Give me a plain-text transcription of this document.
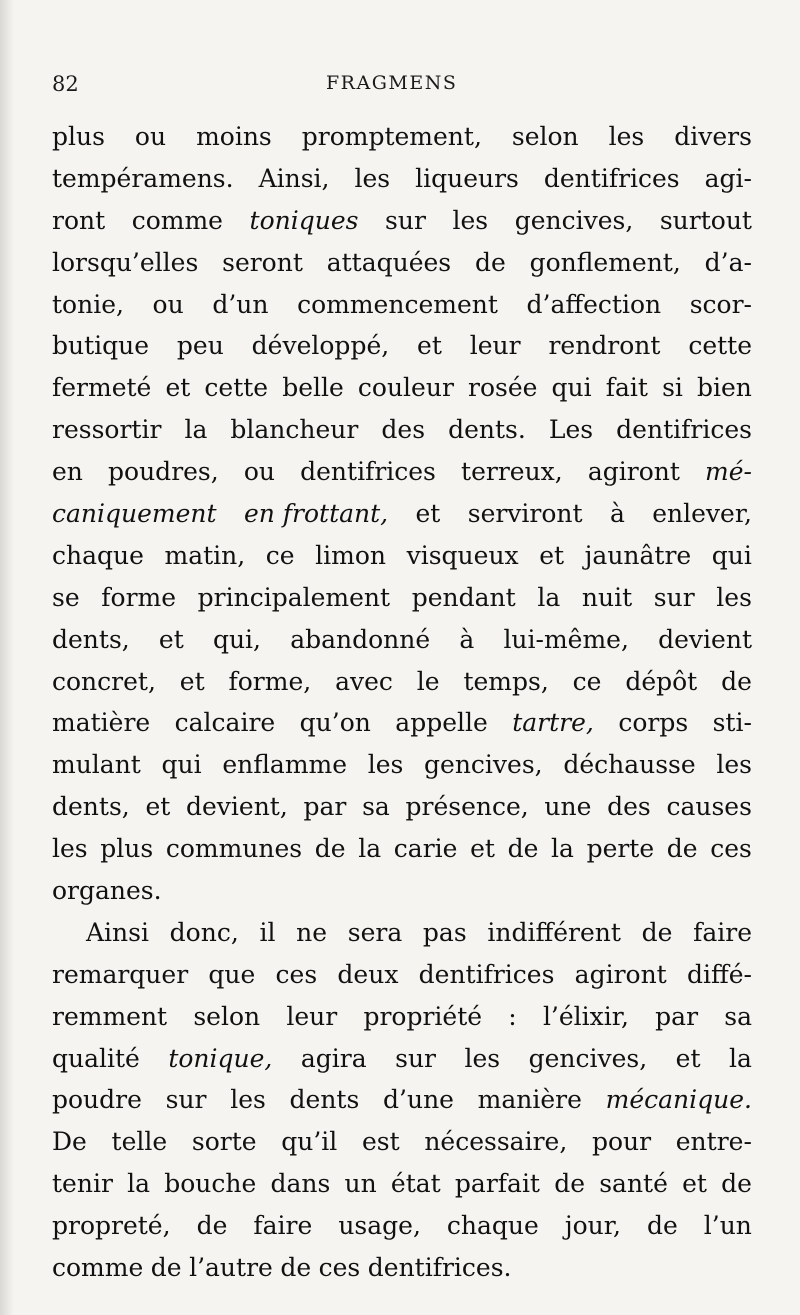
82	FRAGMENS
plus ou moins promptement, selon les divers
tempéramens. Ainsi, les liqueurs dentifrices agi-
ront comme toniques sur les gencives, surtout
lorsqu’elles seront attaquées de gonflement, d’a-
tonie, ou d’un commencement d’affection scor-
butique peu développé, et leur rendront cette
fermeté et cette belle couleur rosée qui fait si bien
ressortir la blancheur des dents. Les dentifrices
en poudres, ou dentifrices terreux, agiront mé-
caniquement en frottant, et serviront à enlever,
chaque matin, ce limon visqueux et jaunâtre qui
se forme principalement pendant la nuit sur les
dents, et qui, abandonné à lui-même, devient
concret, et forme, avec le temps, ce dépôt de
matière calcaire qu’on appelle tartre, corps sti-
mulant qui enflamme les gencives, déchausse les
dents, et devient, par sa présence, une des causes
les plus communes de la carie et de la perte de ces
organes.
Ainsi donc, il ne sera pas indifférent de faire
remarquer que ces deux dentifrices agiront diffé-
remment selon leur propriété : l’élixir, par sa
qualité tonique, agira sur les gencives, et la
poudre sur les dents d’une manière mécanique.
De telle sorte qu’il est nécessaire, pour entre-
tenir la bouche dans un état parfait de santé et de
propreté, de faire usage, chaque jour, de l’un
comme de l’autre de ces dentifrices.
